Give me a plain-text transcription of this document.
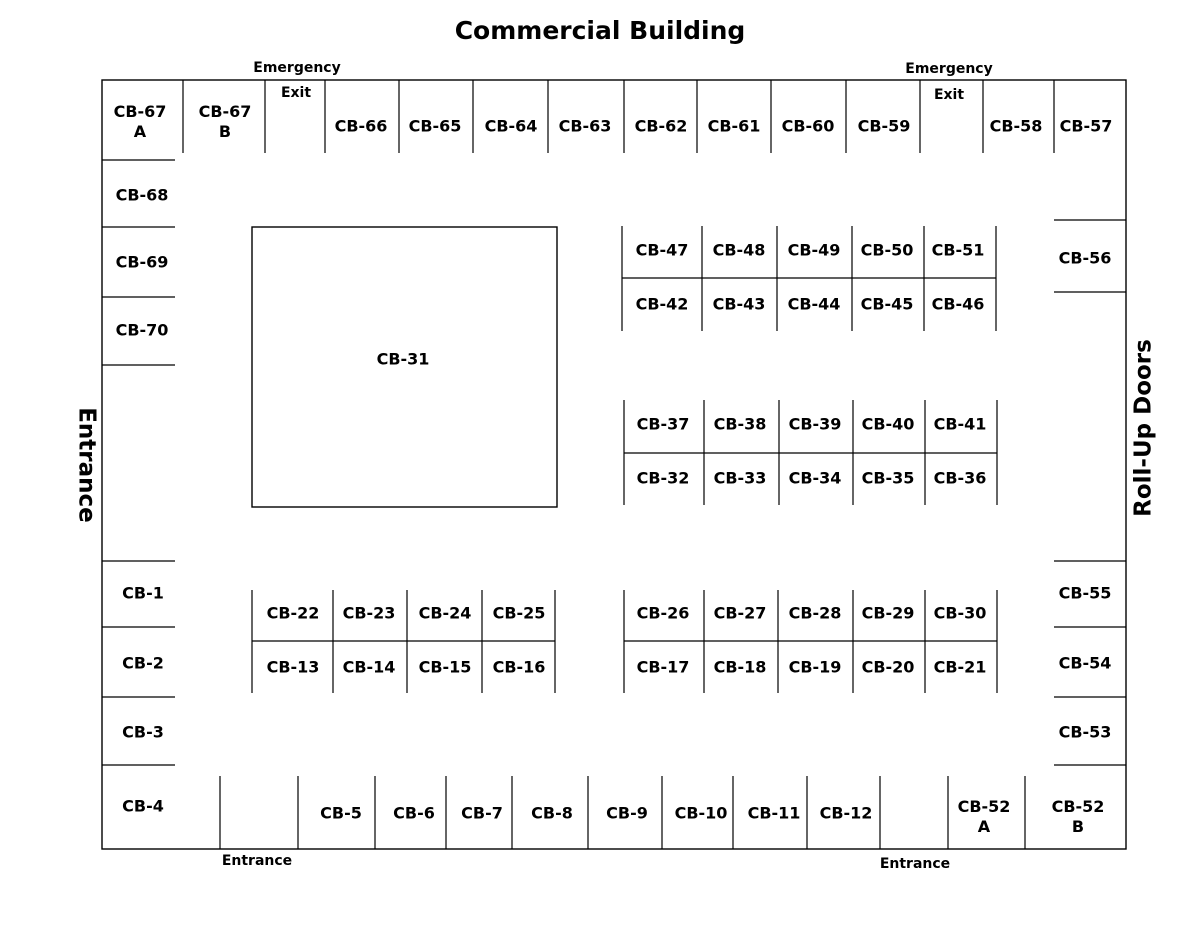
Commercial Building
Emergency
Exit
Emergency
Exit
Entrance	Entrance
Entrance	Roll-Up Doors
CB-67 A
CB-67 B	CB-66 CB-65 CB-64 CB-63 CB-62 CB-61 CB-60 CB-59	CB-58 CB-57
CB-68
CB-69
CB-70
CB-1
CB-2
CB-3
CB-4	CB-5 CB-6 CB-7 CB-8 CB-9 CB-10 CB-11 CB-12	CB-52 A
CB-52 B
CB-56
CB-55
CB-54
CB-53
CB-31
CB-47 CB-48 CB-49 CB-50 CB-51
CB-42 CB-43 CB-44 CB-45 CB-46
CB-37 CB-38 CB-39 CB-40 CB-41
CB-32 CB-33 CB-34 CB-35 CB-36
CB-22 CB-23 CB-24 CB-25
CB-13 CB-14 CB-15 CB-16
CB-26 CB-27 CB-28 CB-29 CB-30
CB-17 CB-18 CB-19 CB-20 CB-21
